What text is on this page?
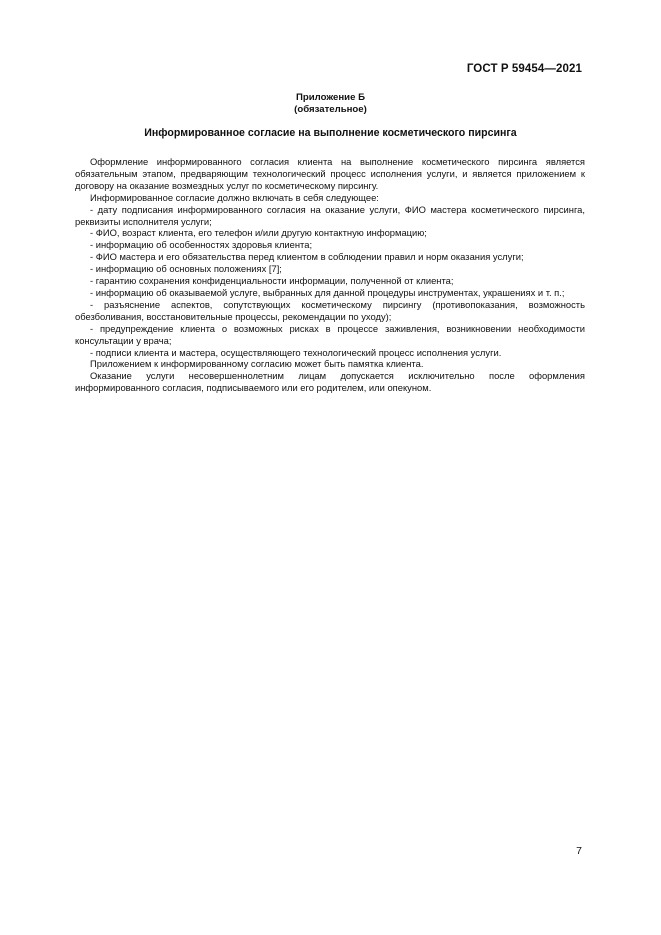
ГОСТ Р 59454—2021
Приложение Б
(обязательное)
Информированное согласие на выполнение косметического пирсинга

Оформление информированного согласия клиента на выполнение косметического пирсинга является обязательным этапом, предваряющим технологический процесс исполнения услуги, и является приложением к договору на оказание возмездных услуг по косметическому пирсингу.

Информированное согласие должно включать в себя следующее:

- дату подписания информированного согласия на оказание услуги, ФИО мастера косметического пирсинга, реквизиты исполнителя услуги;

- ФИО, возраст клиента, его телефон и/или другую контактную информацию;

- информацию об особенностях здоровья клиента;

- ФИО мастера и его обязательства перед клиентом в соблюдении правил и норм оказания услуги;

- информацию об основных положениях [7];

- гарантию сохранения конфиденциальности информации, полученной от клиента;

- информацию об оказываемой услуге, выбранных для данной процедуры инструментах, украшениях и т. п.;

- разъяснение аспектов, сопутствующих косметическому пирсингу (противопоказания, возможность обезболивания, восстановительные процессы, рекомендации по уходу);

- предупреждение клиента о возможных рисках в процессе заживления, возникновении необходимости консультации у врача;

- подписи клиента и мастера, осуществляющего технологический процесс исполнения услуги.

Приложением к информированному согласию может быть памятка клиента.

Оказание услуги несовершеннолетним лицам допускается исключительно после оформления информированного согласия, подписываемого или его родителем, или опекуном.

7
